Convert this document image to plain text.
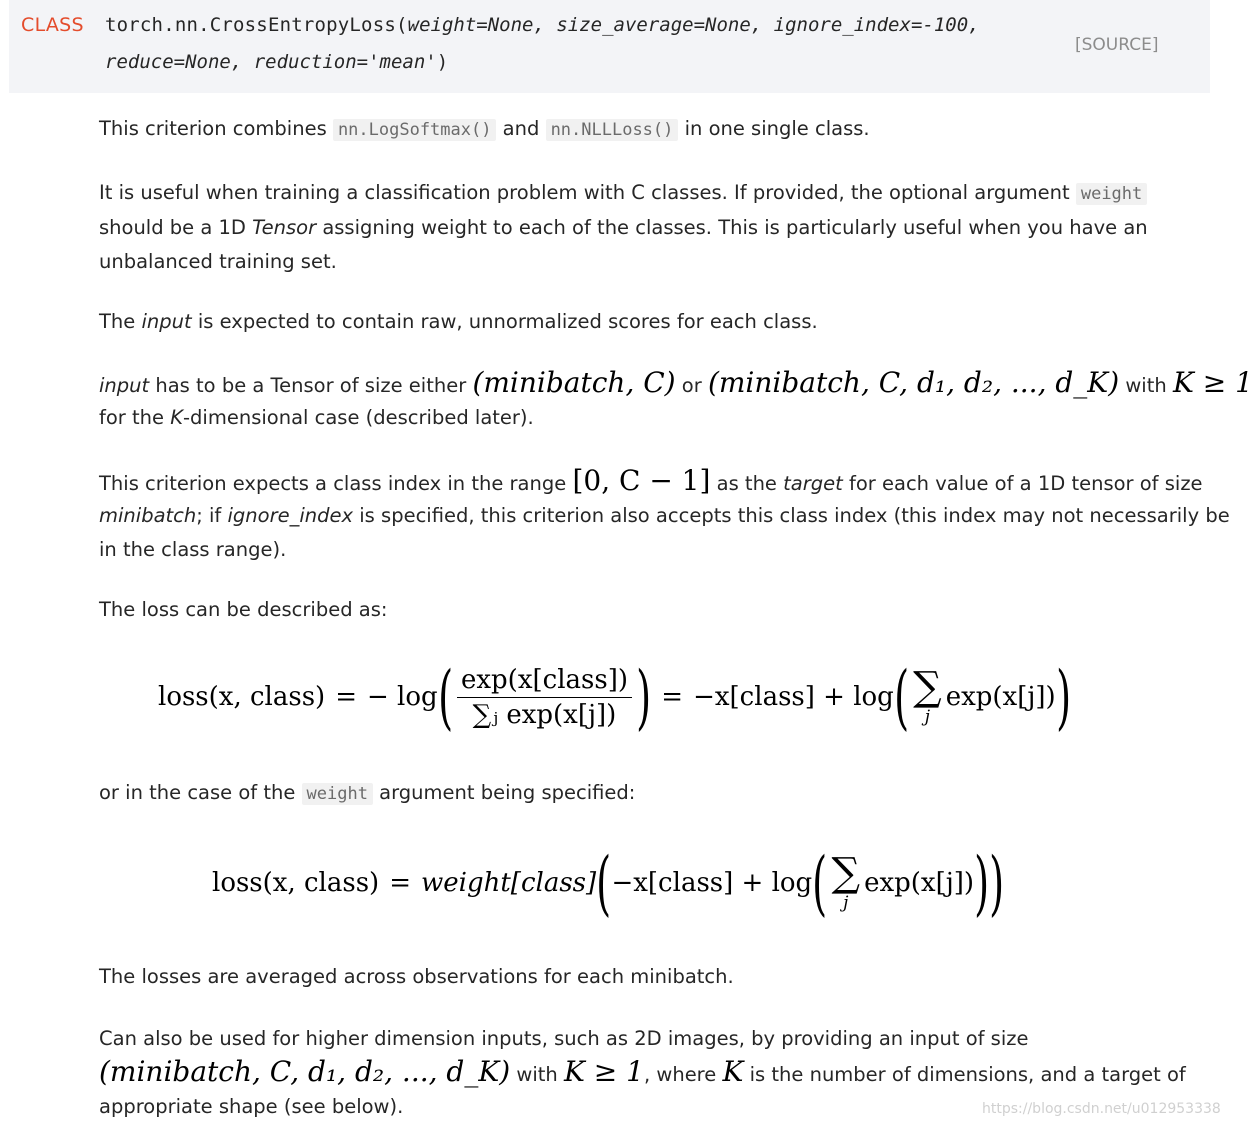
CLASS torch.nn.CrossEntropyLoss(weight=None, size_average=None, ignore_index=-100,
reduce=None, reduction='mean')
[SOURCE]
This criterion combines nn.LogSoftmax() and nn.NLLLoss() in one single class.
It is useful when training a classification problem with C classes. If provided, the optional argument weight
should be a 1D Tensor assigning weight to each of the classes. This is particularly useful when you have an
unbalanced training set.
The input is expected to contain raw, unnormalized scores for each class.
input has to be a Tensor of size either (minibatch, C) or (minibatch, C, d₁, d₂, ..., d_K) with K ≥ 1
for the K-dimensional case (described later).
This criterion expects a class index in the range [0, C − 1] as the target for each value of a 1D tensor of size
minibatch; if ignore_index is specified, this criterion also accepts this class index (this index may not necessarily be
in the class range).
The loss can be described as:
loss(x, class) = − log ( $\frac{\text{exp(x[class])}}{\text{∑ⱼ exp(x[j])}}$ ) = −x[class] + log ( ∑
j
exp(x[j]) )
or in the case of the weight argument being specified:
loss(x, class) = weight[class] ( −x[class] + log ( ∑
j
exp(x[j]) ) )
The losses are averaged across observations for each minibatch.
Can also be used for higher dimension inputs, such as 2D images, by providing an input of size
(minibatch, C, d₁, d₂, ..., d_K) with K ≥ 1, where K is the number of dimensions, and a target of
appropriate shape (see below).	https://blog.csdn.net/u012953338
